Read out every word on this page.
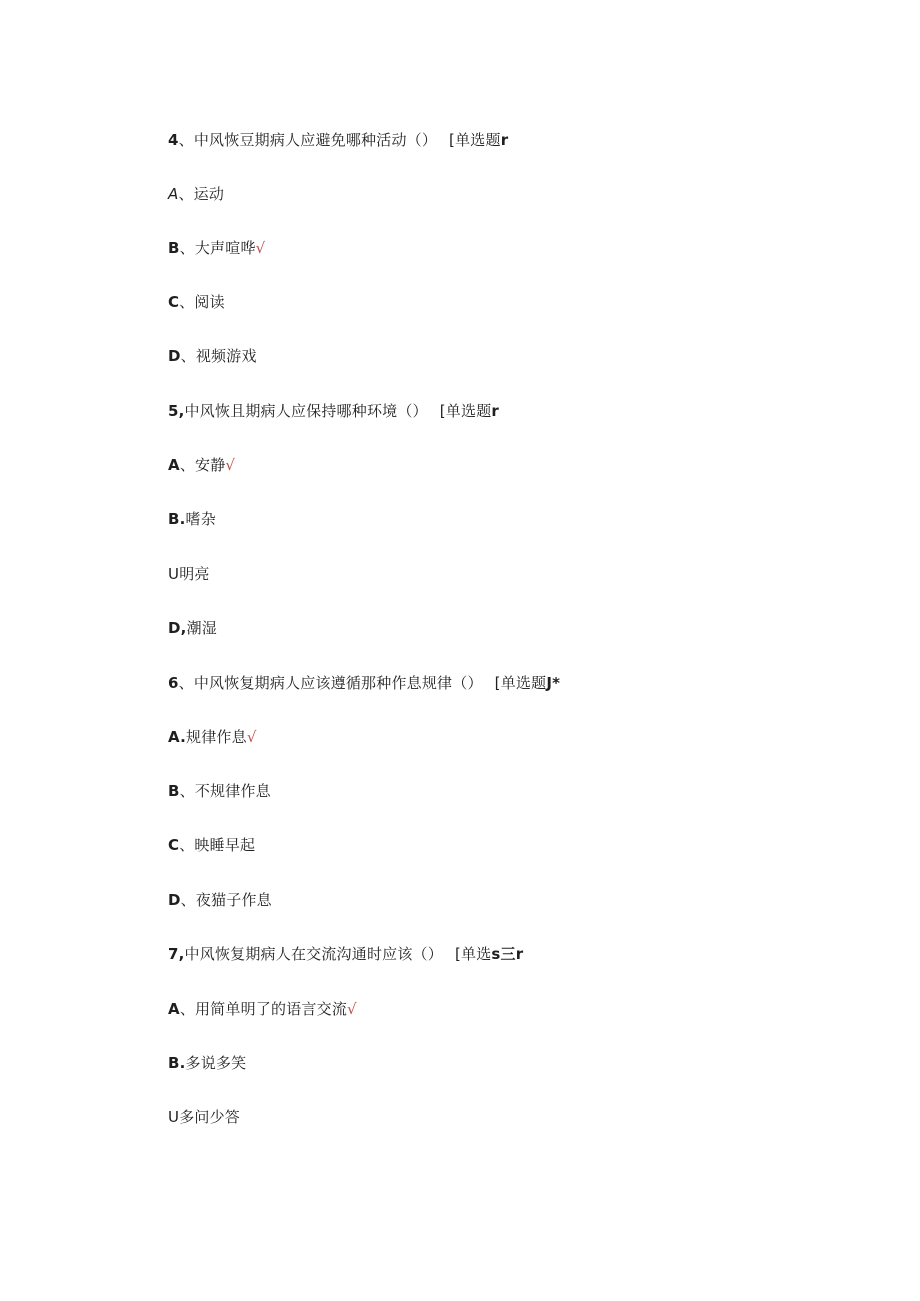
4、中风恢豆期病人应避免哪种活动（） [单选题r
A、运动
B、大声喧哗√
C、阅读
D、视频游戏
5,中风恢且期病人应保持哪种环境（） [单选题r
A、安静√
B.嗜杂
U明亮
D,潮湿
6、中风恢复期病人应该遵循那种作息规律（） [单选题J*
A.规律作息√
B、不规律作息
C、映睡早起
D、夜猫子作息
7,中风恢复期病人在交流沟通时应该（） [单选s三r
A、用简单明了的语言交流√
B.多说多笑
U多问少答
